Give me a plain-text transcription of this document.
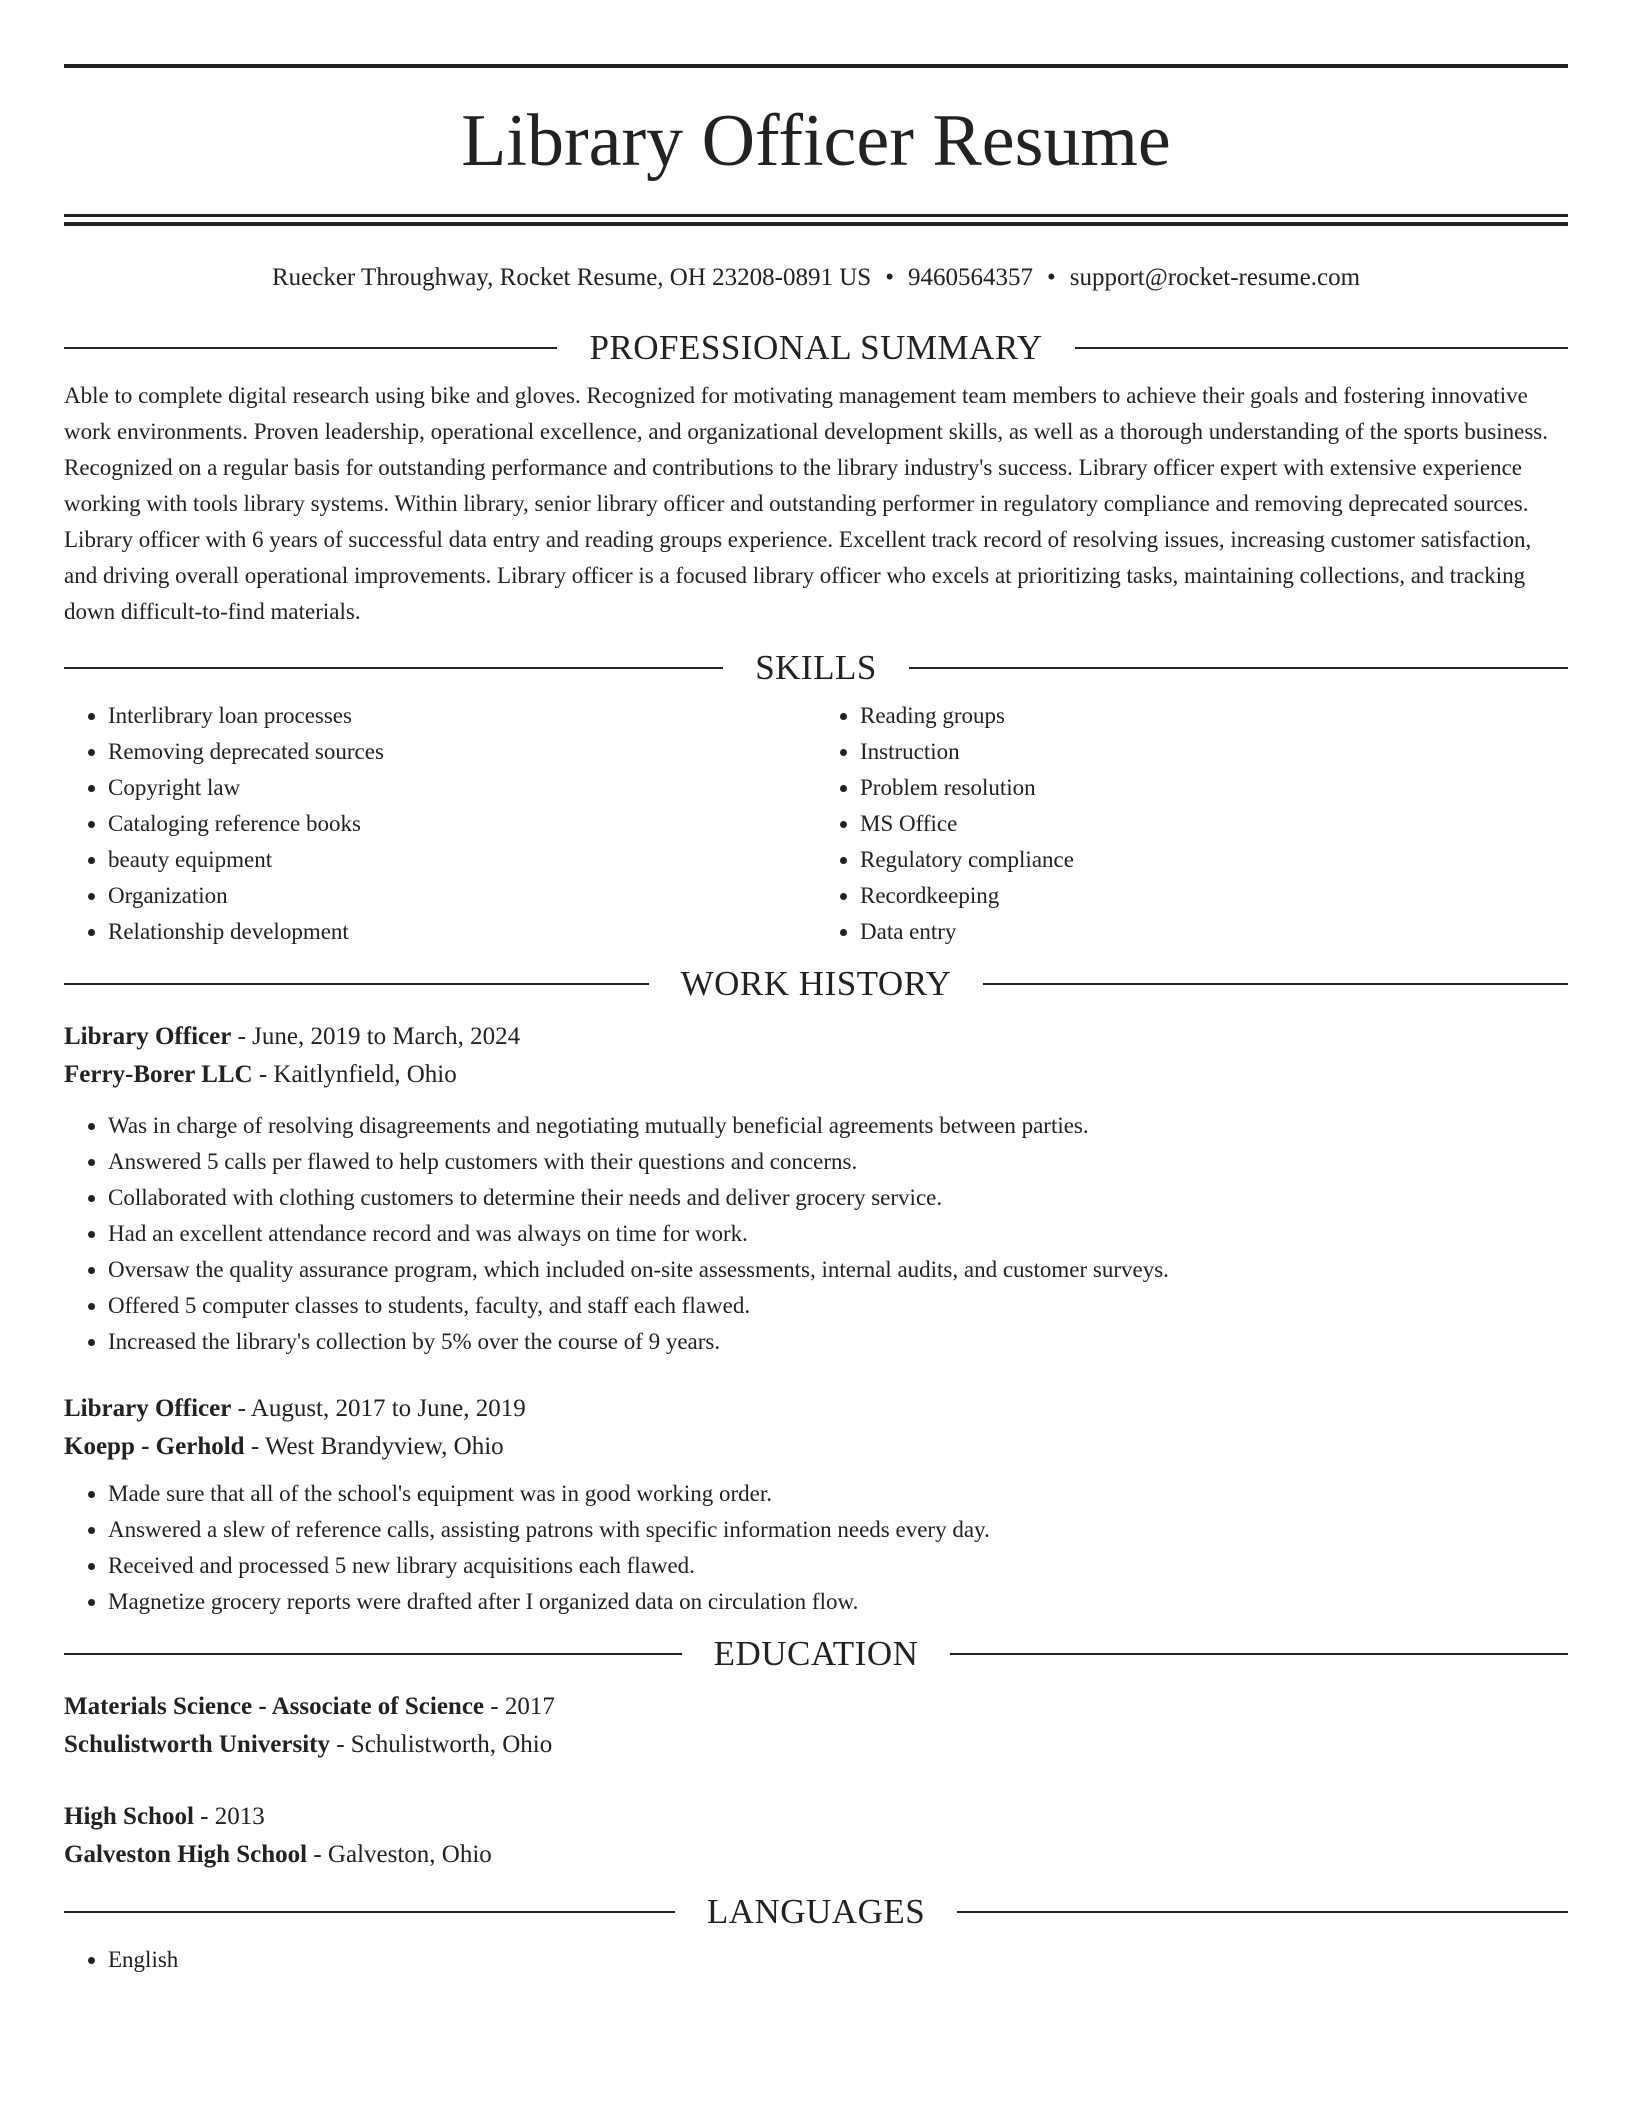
Library Officer Resume
Ruecker Throughway, Rocket Resume, OH 23208-0891 US • 9460564357 • support@rocket-resume.com
PROFESSIONAL SUMMARY
Able to complete digital research using bike and gloves. Recognized for motivating management team members to achieve their goals and fostering innovative work environments. Proven leadership, operational excellence, and organizational development skills, as well as a thorough understanding of the sports business. Recognized on a regular basis for outstanding performance and contributions to the library industry's success. Library officer expert with extensive experience working with tools library systems. Within library, senior library officer and outstanding performer in regulatory compliance and removing deprecated sources. Library officer with 6 years of successful data entry and reading groups experience. Excellent track record of resolving issues, increasing customer satisfaction, and driving overall operational improvements. Library officer is a focused library officer who excels at prioritizing tasks, maintaining collections, and tracking down difficult-to-find materials.
SKILLS
• Interlibrary loan processes
• Removing deprecated sources
• Copyright law
• Cataloging reference books
• beauty equipment
• Organization
• Relationship development
• Reading groups
• Instruction
• Problem resolution
• MS Office
• Regulatory compliance
• Recordkeeping
• Data entry
WORK HISTORY
Library Officer - June, 2019 to March, 2024
Ferry-Borer LLC - Kaitlynfield, Ohio
• Was in charge of resolving disagreements and negotiating mutually beneficial agreements between parties.
• Answered 5 calls per flawed to help customers with their questions and concerns.
• Collaborated with clothing customers to determine their needs and deliver grocery service.
• Had an excellent attendance record and was always on time for work.
• Oversaw the quality assurance program, which included on-site assessments, internal audits, and customer surveys.
• Offered 5 computer classes to students, faculty, and staff each flawed.
• Increased the library's collection by 5% over the course of 9 years.
Library Officer - August, 2017 to June, 2019
Koepp - Gerhold - West Brandyview, Ohio
• Made sure that all of the school's equipment was in good working order.
• Answered a slew of reference calls, assisting patrons with specific information needs every day.
• Received and processed 5 new library acquisitions each flawed.
• Magnetize grocery reports were drafted after I organized data on circulation flow.
EDUCATION
Materials Science - Associate of Science - 2017
Schulistworth University - Schulistworth, Ohio
High School - 2013
Galveston High School - Galveston, Ohio
LANGUAGES
• English
